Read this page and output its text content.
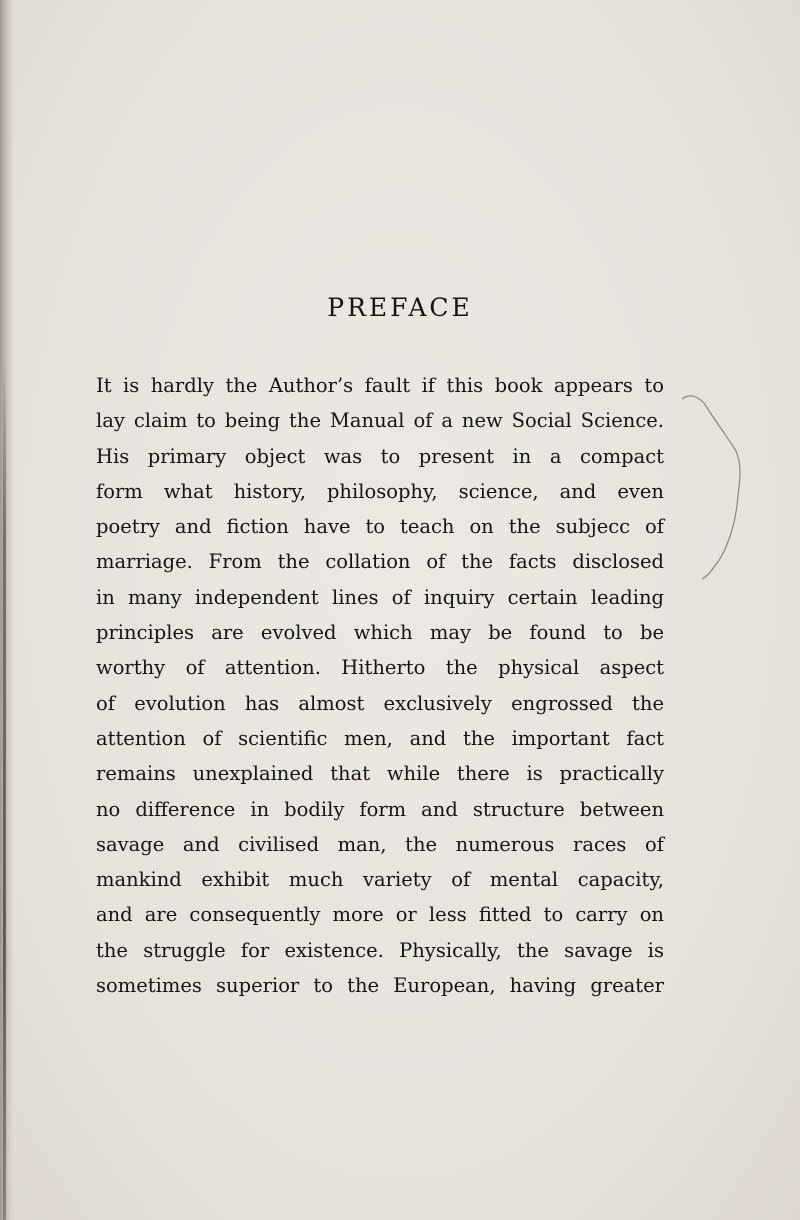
PREFACE
It is hardly the Author’s fault if this book appears to
lay claim to being the Manual of a new Social Science.
His primary object was to present in a compact
form what history, philosophy, science, and even
poetry and fiction have to teach on the subjecc of
marriage. From the collation of the facts disclosed
in many independent lines of inquiry certain leading
principles are evolved which may be found to be
worthy of attention. Hitherto the physical aspect
of evolution has almost exclusively engrossed the
attention of scientific men, and the important fact
remains unexplained that while there is practically
no difference in bodily form and structure between
savage and civilised man, the numerous races of
mankind exhibit much variety of mental capacity,
and are consequently more or less fitted to carry on
the struggle for existence. Physically, the savage is
sometimes superior to the European, having greater
